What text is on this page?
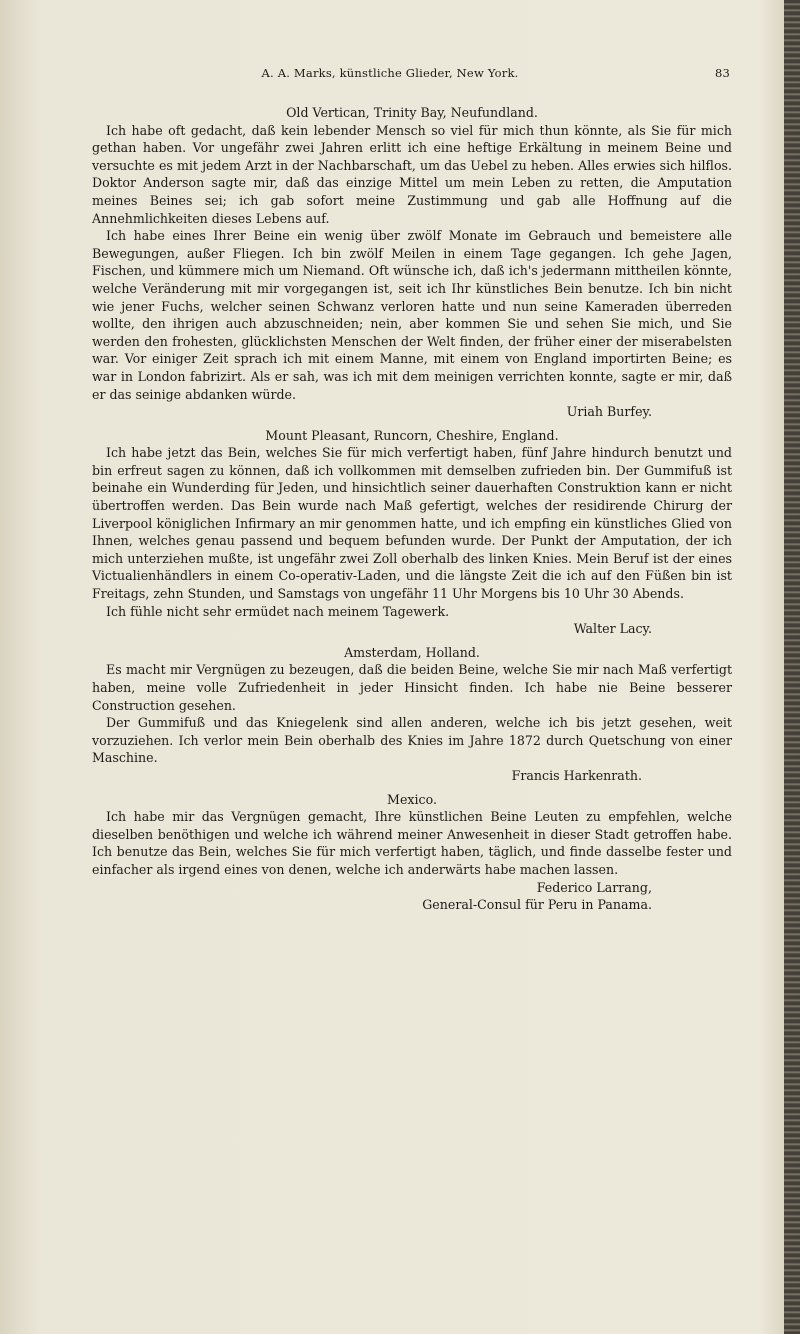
A. A. Marks, künstliche Glieder, New York.	83

Old Vertican, Trinity Bay, Neufundland.

Ich habe oft gedacht, daß kein lebender Mensch so viel für mich thun könnte, als Sie für mich gethan haben. Vor ungefähr zwei Jahren erlitt ich eine heftige Erkältung in meinem Beine und versuchte es mit jedem Arzt in der Nachbarschaft, um das Uebel zu heben. Alles erwies sich hilflos. Doktor Anderson sagte mir, daß das einzige Mittel um mein Leben zu retten, die Amputation meines Beines sei; ich gab sofort meine Zustimmung und gab alle Hoffnung auf die Annehmlichkeiten dieses Lebens auf.

Ich habe eines Ihrer Beine ein wenig über zwölf Monate im Gebrauch und bemeistere alle Bewegungen, außer Fliegen. Ich bin zwölf Meilen in einem Tage gegangen. Ich gehe Jagen, Fischen, und kümmere mich um Niemand. Oft wünsche ich, daß ich's jedermann mittheilen könnte, welche Veränderung mit mir vorgegangen ist, seit ich Ihr künstliches Bein benutze. Ich bin nicht wie jener Fuchs, welcher seinen Schwanz verloren hatte und nun seine Kameraden überreden wollte, den ihrigen auch abzuschneiden; nein, aber kommen Sie und sehen Sie mich, und Sie werden den frohesten, glücklichsten Menschen der Welt finden, der früher einer der miserabelsten war. Vor einiger Zeit sprach ich mit einem Manne, mit einem von England importirten Beine; es war in London fabrizirt. Als er sah, was ich mit dem meinigen verrichten konnte, sagte er mir, daß er das seinige abdanken würde.

Uriah Burfey.

Mount Pleasant, Runcorn, Cheshire, England.

Ich habe jetzt das Bein, welches Sie für mich verfertigt haben, fünf Jahre hindurch benutzt und bin erfreut sagen zu können, daß ich vollkommen mit demselben zufrieden bin. Der Gummifuß ist beinahe ein Wunderding für Jeden, und hinsichtlich seiner dauerhaften Construktion kann er nicht übertroffen werden. Das Bein wurde nach Maß gefertigt, welches der residirende Chirurg der Liverpool königlichen Infirmary an mir genommen hatte, und ich empfing ein künstliches Glied von Ihnen, welches genau passend und bequem befunden wurde. Der Punkt der Amputation, der ich mich unterziehen mußte, ist ungefähr zwei Zoll oberhalb des linken Knies. Mein Beruf ist der eines Victualienhändlers in einem Co-operativ-Laden, und die längste Zeit die ich auf den Füßen bin ist Freitags, zehn Stunden, und Samstags von ungefähr 11 Uhr Morgens bis 10 Uhr 30 Abends.

Ich fühle nicht sehr ermüdet nach meinem Tagewerk.

Walter Lacy.

Amsterdam, Holland.

Es macht mir Vergnügen zu bezeugen, daß die beiden Beine, welche Sie mir nach Maß verfertigt haben, meine volle Zufriedenheit in jeder Hinsicht finden. Ich habe nie Beine besserer Construction gesehen.

Der Gummifuß und das Kniegelenk sind allen anderen, welche ich bis jetzt gesehen, weit vorzuziehen. Ich verlor mein Bein oberhalb des Knies im Jahre 1872 durch Quetschung von einer Maschine.

Francis Harkenrath.

Mexico.

Ich habe mir das Vergnügen gemacht, Ihre künstlichen Beine Leuten zu empfehlen, welche dieselben benöthigen und welche ich während meiner Anwesenheit in dieser Stadt getroffen habe. Ich benutze das Bein, welches Sie für mich verfertigt haben, täglich, und finde dasselbe fester und einfacher als irgend eines von denen, welche ich anderwärts habe machen lassen.

Federico Larrang,

General-Consul für Peru in Panama.
